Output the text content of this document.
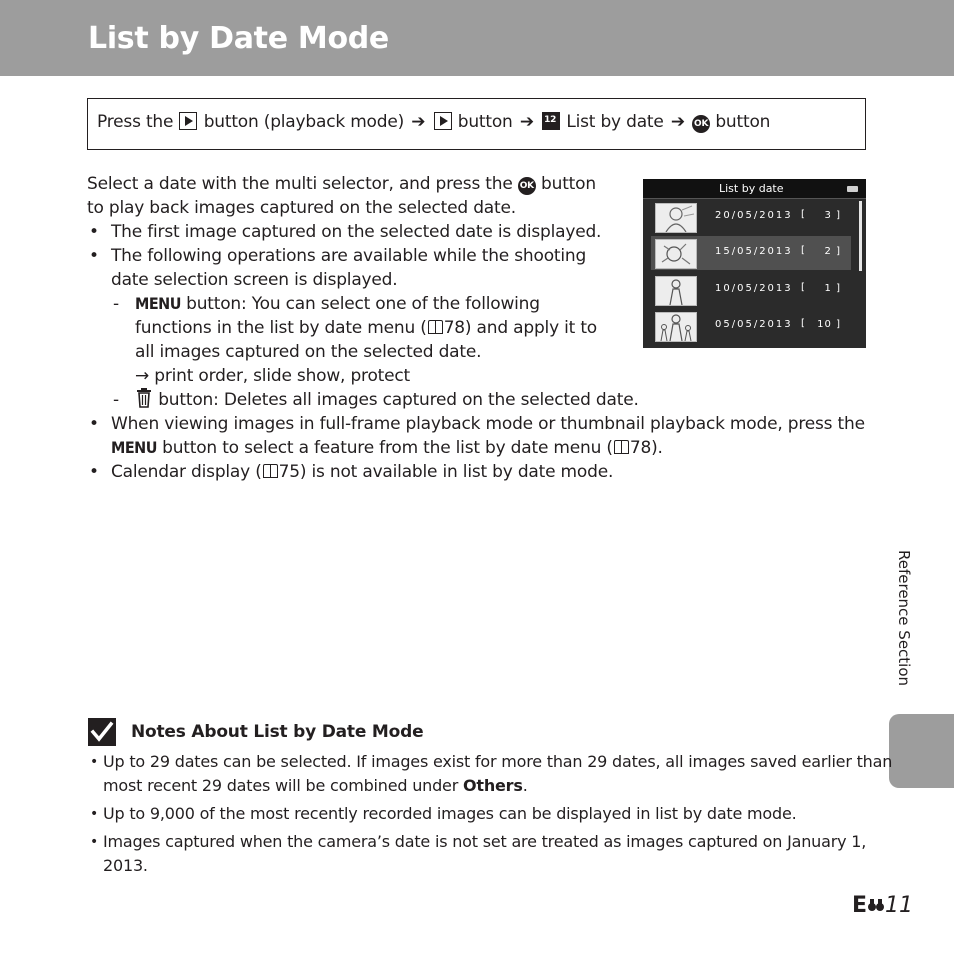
List by Date Mode
Press the button (playback mode) ➔ button ➔ 12 List by date ➔ OK button
Select a date with the multi selector, and press the OK button
to play back images captured on the selected date.
• The first image captured on the selected date is displayed.
• The following operations are available while the shooting
date selection screen is displayed.
- MENU button: You can select one of the following
functions in the list by date menu ( 78) and apply it to
all images captured on the selected date.
→ print order, slide show, protect
-	button: Deletes all images captured on the selected date.
• When viewing images in full-frame playback mode or thumbnail playback mode, press the
MENU button to select a feature from the list by date menu ( 78).
• Calendar display ( 75) is not available in list by date mode.
List by date
20/05/2013 [	3 ]
15/05/2013 [	2 ]
10/05/2013 [	1 ]
05/05/2013 [ 10 ]
Reference Section
Notes About List by Date Mode
• Up to 29 dates can be selected. If images exist for more than 29 dates, all images saved earlier than
most recent 29 dates will be combined under Others.
• Up to 9,000 of the most recently recorded images can be displayed in list by date mode.
• Images captured when the camera’s date is not set are treated as images captured on January 1,
2013.
E 11
